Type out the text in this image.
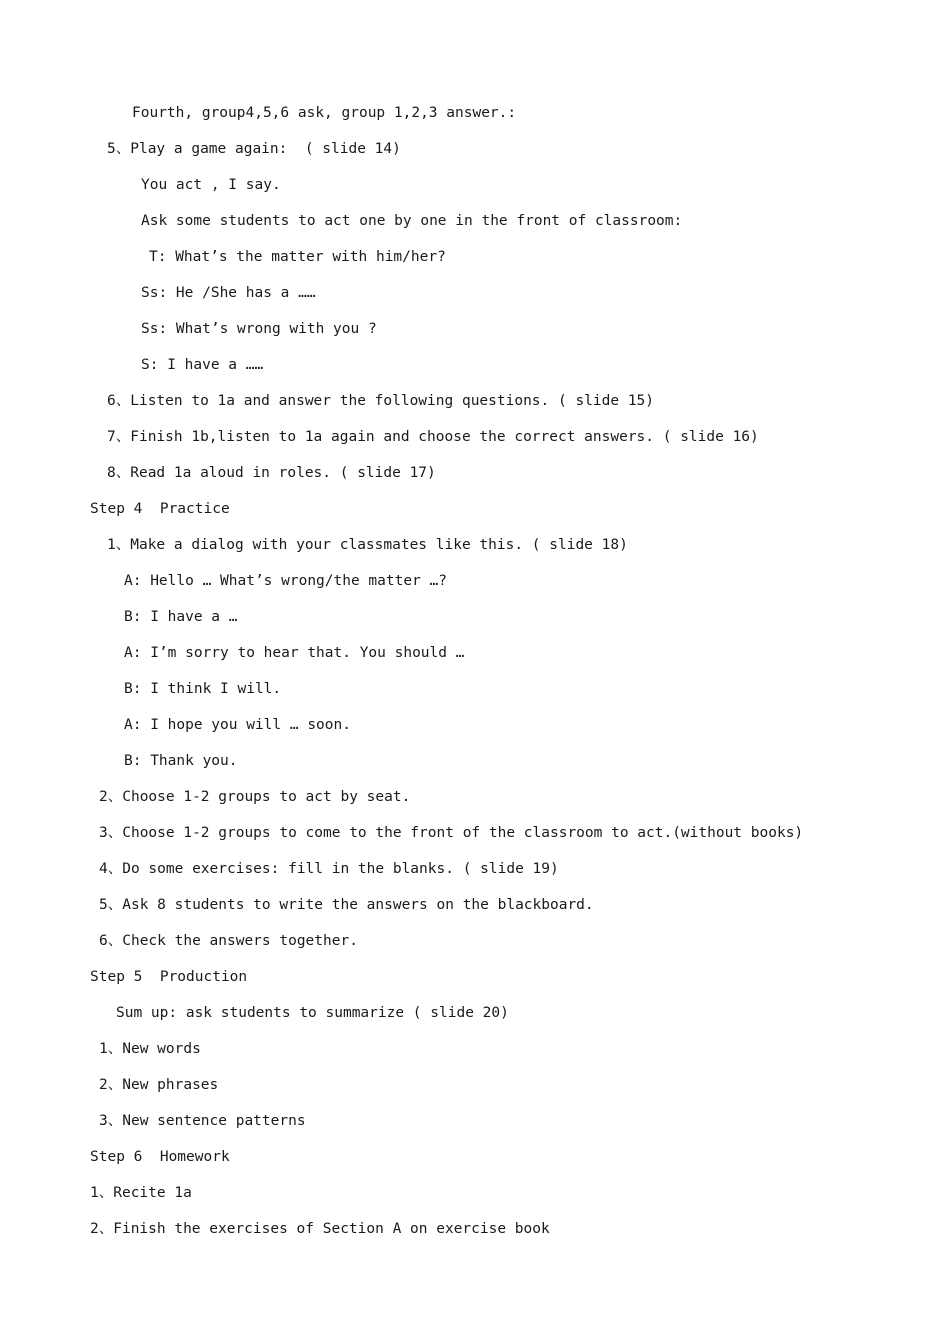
Fourth, group4,5,6 ask, group 1,2,3 answer.:
5、Play a game again:  ( slide 14)
You act , I say.
Ask some students to act one by one in the front of classroom:
T: What’s the matter with him/her?
Ss: He /She has a ……
Ss: What’s wrong with you ?
S: I have a ……
6、Listen to 1a and answer the following questions. ( slide 15)
7、Finish 1b,listen to 1a again and choose the correct answers. ( slide 16)
8、Read 1a aloud in roles. ( slide 17)
Step 4  Practice
1、Make a dialog with your classmates like this. ( slide 18)
A: Hello … What’s wrong/the matter …?
B: I have a …
A: I’m sorry to hear that. You should …
B: I think I will.
A: I hope you will … soon.
B: Thank you.
2、Choose 1-2 groups to act by seat.
3、Choose 1-2 groups to come to the front of the classroom to act.(without books)
4、Do some exercises: fill in the blanks. ( slide 19)
5、Ask 8 students to write the answers on the blackboard.
6、Check the answers together.
Step 5  Production
Sum up: ask students to summarize ( slide 20)
1、New words
2、New phrases
3、New sentence patterns
Step 6  Homework
1、Recite 1a
2、Finish the exercises of Section A on exercise book
